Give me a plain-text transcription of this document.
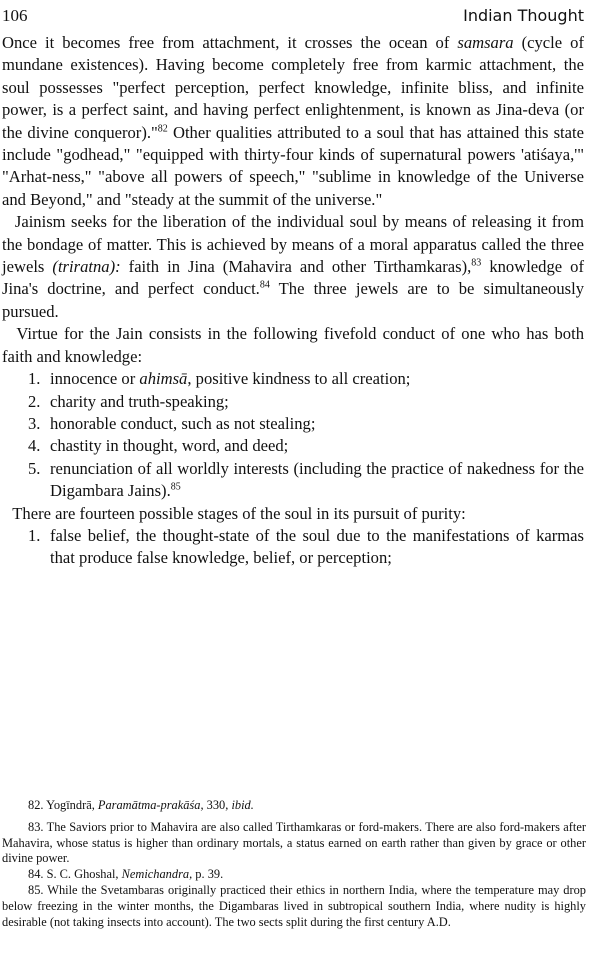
106	Indian Thought

Once it becomes free from attachment, it crosses the ocean of samsara (cycle of mundane existences). Having become completely free from karmic attachment, the soul possesses "perfect perception, perfect knowledge, infinite bliss, and infinite power, is a perfect saint, and having perfect enlightenment, is known as Jina-deva (or the divine conqueror)."$^{82}$ Other qualities attributed to a soul that has attained this state include "godhead," "equipped with thirty-four kinds of supernatural powers 'atiśaya,'" "Arhat-ness," "above all powers of speech," "sublime in knowledge of the Universe and Beyond," and "steady at the summit of the universe."

Jainism seeks for the liberation of the individual soul by means of releasing it from the bondage of matter. This is achieved by means of a moral apparatus called the three jewels (triratna): faith in Jina (Mahavira and other Tirthamkaras),$^{83}$ knowledge of Jina's doctrine, and perfect conduct.$^{84}$ The three jewels are to be simultaneously pursued.

Virtue for the Jain consists in the following fivefold conduct of one who has both faith and knowledge:

1. innocence or ahimsā, positive kindness to all creation;
2. charity and truth-speaking;
3. honorable conduct, such as not stealing;
4. chastity in thought, word, and deed;
5. renunciation of all worldly interests (including the practice of nakedness for the Digambara Jains).$^{85}$

There are fourteen possible stages of the soul in its pursuit of purity:

1. false belief, the thought-state of the soul due to the manifestations of karmas that produce false knowledge, belief, or perception;

82. Yogīndrā, Paramātma-prakāśa, 330, ibid.

83. The Saviors prior to Mahavira are also called Tirthamkaras or ford-makers. There are also ford-makers after Mahavira, whose status is higher than ordinary mortals, a status earned on earth rather than given by grace or other divine power.

84. S. C. Ghoshal, Nemichandra, p. 39.

85. While the Svetambaras originally practiced their ethics in northern India, where the temperature may drop below freezing in the winter months, the Digambaras lived in subtropical southern India, where nudity is highly desirable (not taking insects into account). The two sects split during the first century A.D.
